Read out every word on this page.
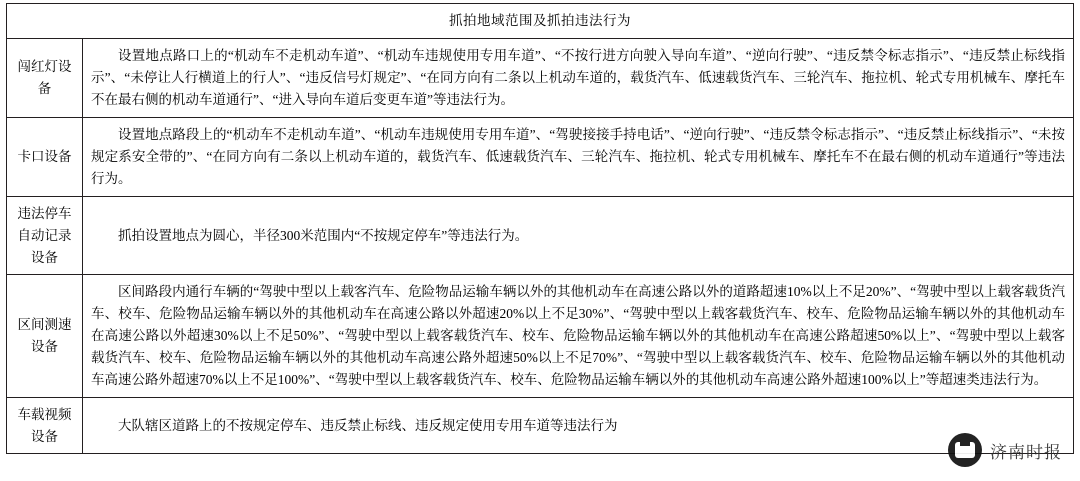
抓拍地域范围及抓拍违法行为	
闯红灯设备	设置地点路口上的“机动车不走机动车道”、“机动车违规使用专用车道”、“不按行进方向驶入导向车道”、“逆向行驶”、“违反禁令标志指示”、“违反禁止标线指示”、“未停让人行横道上的行人”、“违反信号灯规定”、“在同方向有二条以上机动车道的，载货汽车、低速载货汽车、三轮汽车、拖拉机、轮式专用机械车、摩托车不在最右侧的机动车道通行”、“进入导向车道后变更车道”等违法行为。
卡口设备	设置地点路段上的“机动车不走机动车道”、“机动车违规使用专用车道”、“驾驶接接手持电话”、“逆向行驶”、“违反禁令标志指示”、“违反禁止标线指示”、“未按规定系安全带的”、“在同方向有二条以上机动车道的，载货汽车、低速载货汽车、三轮汽车、拖拉机、轮式专用机械车、摩托车不在最右侧的机动车道通行”等违法行为。
违法停车自动记录设备	抓拍设置地点为圆心，半径300米范围内“不按规定停车”等违法行为。
区间测速设备	区间路段内通行车辆的“驾驶中型以上载客汽车、危险物品运输车辆以外的其他机动车在高速公路以外的道路超速10%以上不足20%”、“驾驶中型以上载客载货汽车、校车、危险物品运输车辆以外的其他机动车在高速公路以外超速20%以上不足30%”、“驾驶中型以上载客载货汽车、校车、危险物品运输车辆以外的其他机动车在高速公路以外超速30%以上不足50%”、“驾驶中型以上载客载货汽车、校车、危险物品运输车辆以外的其他机动车在高速公路超速50%以上”、“驾驶中型以上载客载货汽车、校车、危险物品运输车辆以外的其他机动车高速公路外超速50%以上不足70%”、“驾驶中型以上载客载货汽车、校车、危险物品运输车辆以外的其他机动车高速公路外超速70%以上不足100%”、“驾驶中型以上载客载货汽车、校车、危险物品运输车辆以外的其他机动车高速公路外超速100%以上”等超速类违法行为。
车载视频设备	大队辖区道路上的不按规定停车、违反禁止标线、违反规定使用专用车道等违法行为
济南时报
